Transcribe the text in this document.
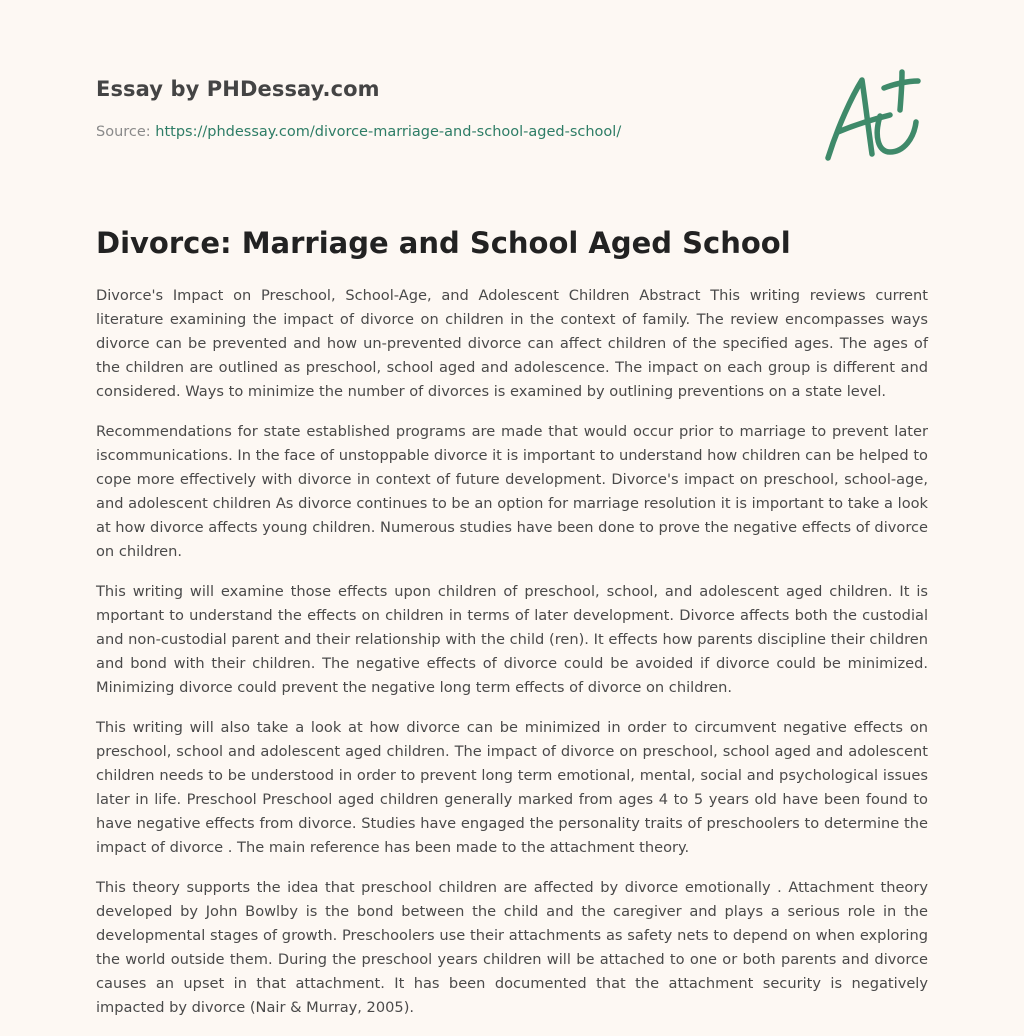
Essay by PHDessay.com
Source: https://phdessay.com/divorce-marriage-and-school-aged-school/
Divorce: Marriage and School Aged School

Divorce's Impact on Preschool, School-Age, and Adolescent Children Abstract This writing reviews current literature examining the impact of divorce on children in the context of family. The review encompasses ways divorce can be prevented and how un-prevented divorce can affect children of the specified ages. The ages of the children are outlined as preschool, school aged and adolescence. The impact on each group is different and considered. Ways to minimize the number of divorces is examined by outlining preventions on a state level.

Recommendations for state established programs are made that would occur prior to marriage to prevent later iscommunications. In the face of unstoppable divorce it is important to understand how children can be helped to cope more effectively with divorce in context of future development. Divorce's impact on preschool, school-age, and adolescent children As divorce continues to be an option for marriage resolution it is important to take a look at how divorce affects young children. Numerous studies have been done to prove the negative effects of divorce on children.

This writing will examine those effects upon children of preschool, school, and adolescent aged children. It is mportant to understand the effects on children in terms of later development. Divorce affects both the custodial and non-custodial parent and their relationship with the child (ren). It effects how parents discipline their children and bond with their children. The negative effects of divorce could be avoided if divorce could be minimized. Minimizing divorce could prevent the negative long term effects of divorce on children.

This writing will also take a look at how divorce can be minimized in order to circumvent negative effects on preschool, school and adolescent aged children. The impact of divorce on preschool, school aged and adolescent children needs to be understood in order to prevent long term emotional, mental, social and psychological issues later in life. Preschool Preschool aged children generally marked from ages 4 to 5 years old have been found to have negative effects from divorce. Studies have engaged the personality traits of preschoolers to determine the impact of divorce . The main reference has been made to the attachment theory.

This theory supports the idea that preschool children are affected by divorce emotionally . Attachment theory developed by John Bowlby is the bond between the child and the caregiver and plays a serious role in the developmental stages of growth. Preschoolers use their attachments as safety nets to depend on when exploring the world outside them. During the preschool years children will be attached to one or both parents and divorce causes an upset in that attachment. It has been documented that the attachment security is negatively impacted by divorce (Nair & Murray, 2005).
